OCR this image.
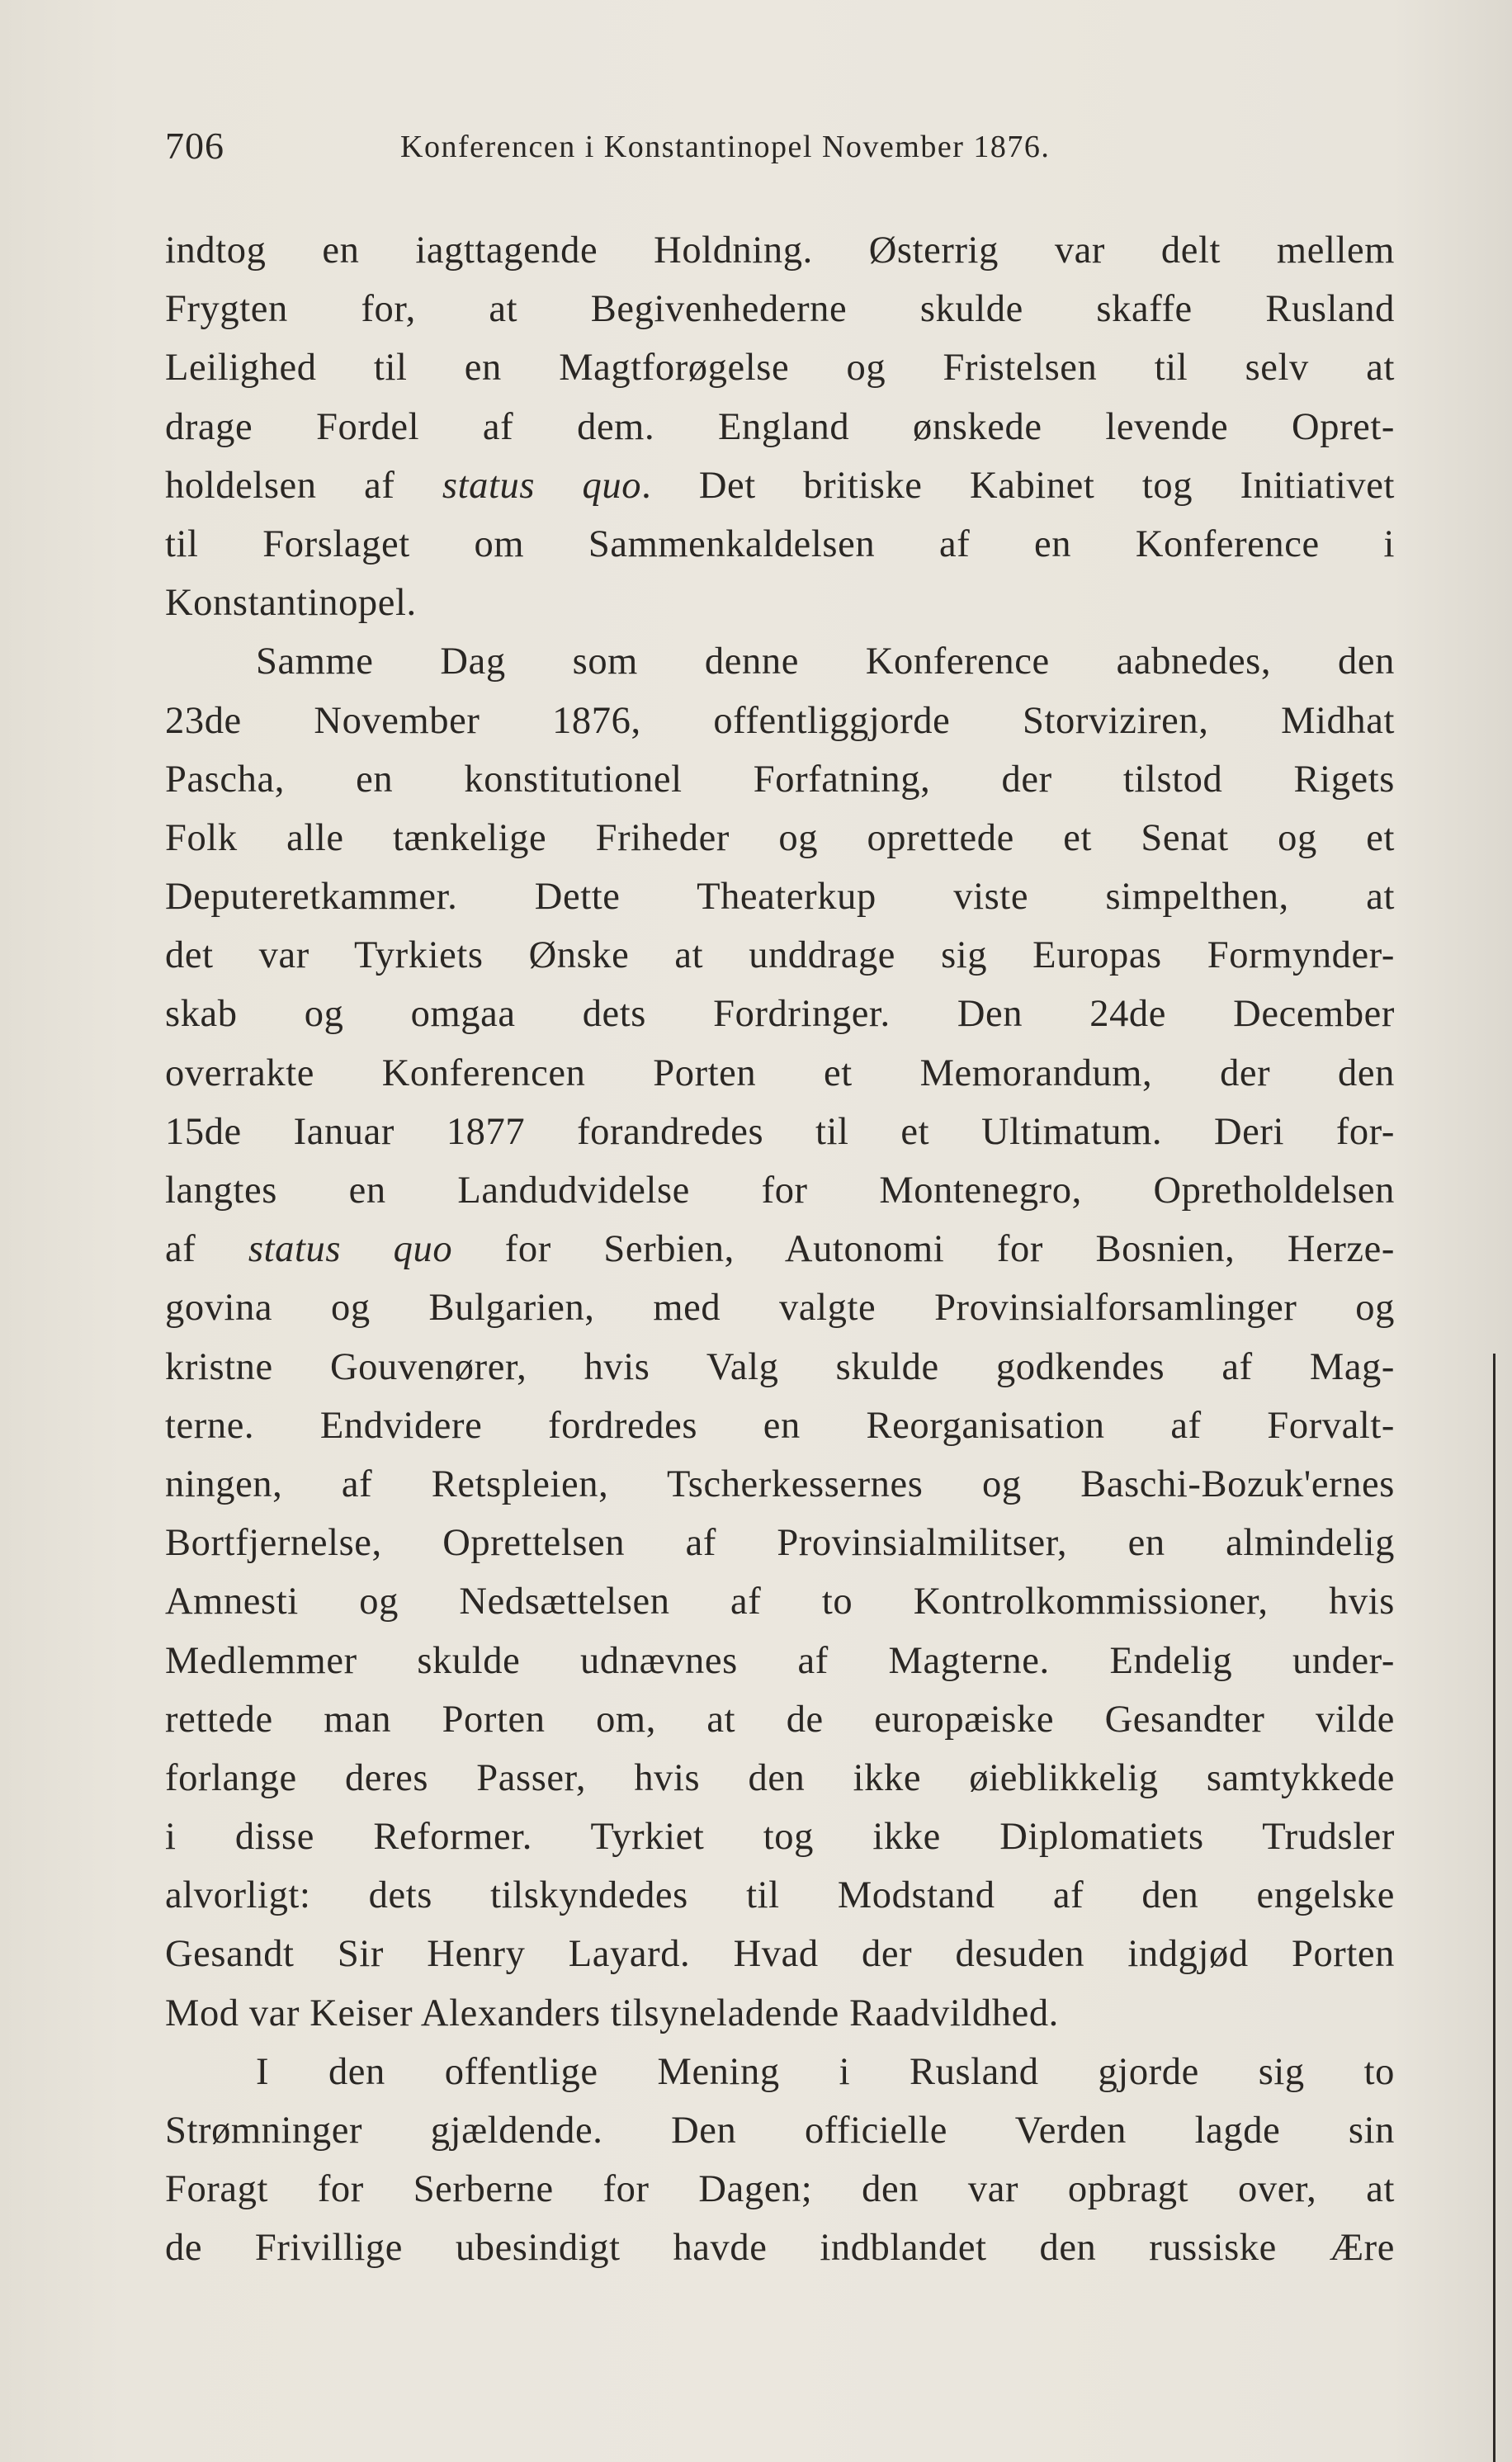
706	Konferencen i Konstantinopel November 1876.
indtog en iagttagende Holdning. Østerrig var delt mellem
Frygten for, at Begivenhederne skulde skaffe Rusland
Leilighed til en Magtforøgelse og Fristelsen til selv at
drage Fordel af dem. England ønskede levende Opret-
holdelsen af status quo. Det britiske Kabinet tog Initiativet
til Forslaget om Sammenkaldelsen af en Konference i
Konstantinopel.
Samme Dag som denne Konference aabnedes, den
23de November 1876, offentliggjorde Storviziren, Midhat
Pascha, en konstitutionel Forfatning, der tilstod Rigets
Folk alle tænkelige Friheder og oprettede et Senat og et
Deputeretkammer. Dette Theaterkup viste simpelthen, at
det var Tyrkiets Ønske at unddrage sig Europas Formynder-
skab og omgaa dets Fordringer. Den 24de December
overrakte Konferencen Porten et Memorandum, der den
15de Ianuar 1877 forandredes til et Ultimatum. Deri for-
langtes en Landudvidelse for Montenegro, Opretholdelsen
af status quo for Serbien, Autonomi for Bosnien, Herze-
govina og Bulgarien, med valgte Provinsialforsamlinger og
kristne Gouvenører, hvis Valg skulde godkendes af Mag-
terne. Endvidere fordredes en Reorganisation af Forvalt-
ningen, af Retspleien, Tscherkessernes og Baschi-Bozuk'ernes
Bortfjernelse, Oprettelsen af Provinsialmilitser, en almindelig
Amnesti og Nedsættelsen af to Kontrolkommissioner, hvis
Medlemmer skulde udnævnes af Magterne. Endelig under-
rettede man Porten om, at de europæiske Gesandter vilde
forlange deres Passer, hvis den ikke øieblikkelig samtykkede
i disse Reformer. Tyrkiet tog ikke Diplomatiets Trudsler
alvorligt: dets tilskyndedes til Modstand af den engelske
Gesandt Sir Henry Layard. Hvad der desuden indgjød Porten
Mod var Keiser Alexanders tilsyneladende Raadvildhed.
I den offentlige Mening i Rusland gjorde sig to
Strømninger gjældende. Den officielle Verden lagde sin
Foragt for Serberne for Dagen; den var opbragt over, at
de Frivillige ubesindigt havde indblandet den russiske Ære
